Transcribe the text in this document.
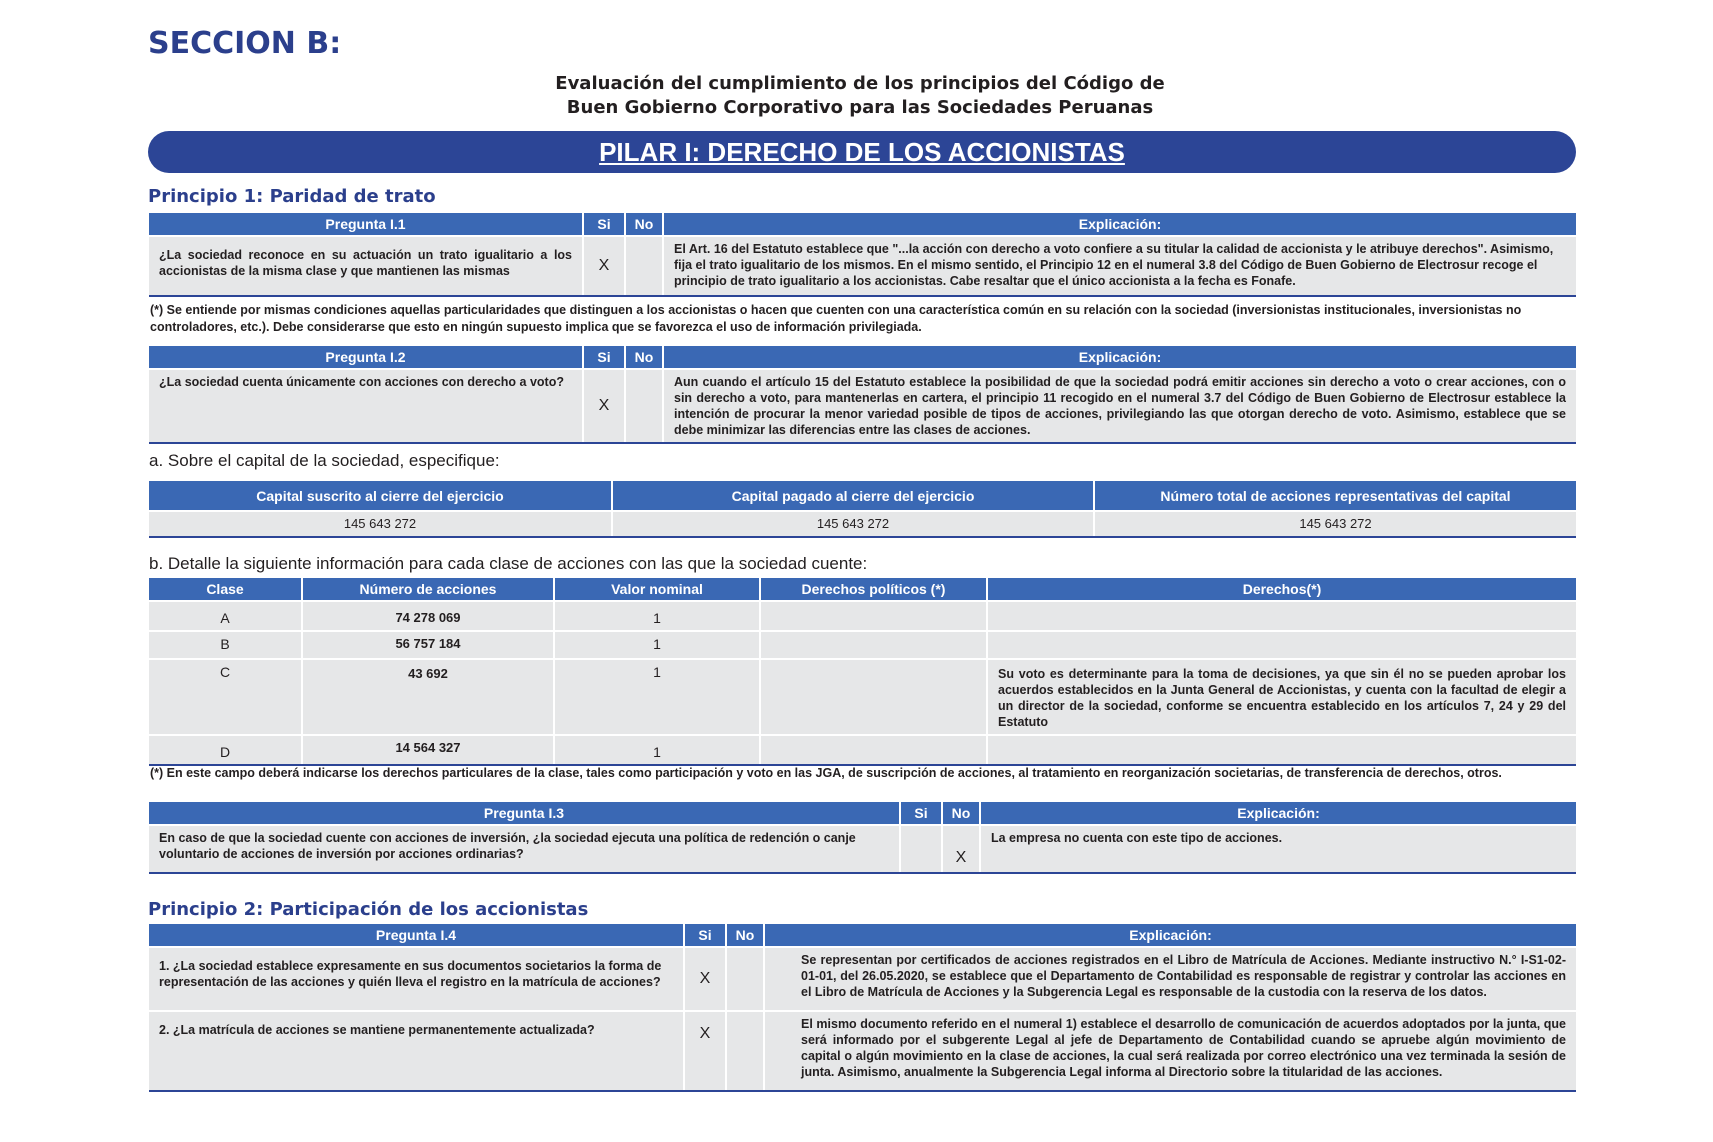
SECCION B:
Evaluación del cumplimiento de los principios del Código de
Buen Gobierno Corporativo para las Sociedades Peruanas
PILAR I: DERECHO DE LOS ACCIONISTAS
Principio 1: Paridad de trato
Pregunta I.1	Si	No	Explicación:
¿La sociedad reconoce en su actuación un trato igualitario a los accionistas de la misma clase y que mantienen las mismas	X		El Art. 16 del Estatuto establece que "...la acción con derecho a voto confiere a su titular la calidad de accionista y le atribuye derechos". Asimismo, fija el trato igualitario de los mismos. En el mismo sentido, el Principio 12 en el numeral 3.8 del Código de Buen Gobierno de Electrosur recoge el principio de trato igualitario a los accionistas. Cabe resaltar que el único accionista a la fecha es Fonafe.
(*) Se entiende por mismas condiciones aquellas particularidades que distinguen a los accionistas o hacen que cuenten con una característica común en su relación con la sociedad (inversionistas institucionales, inversionistas no controladores, etc.). Debe considerarse que esto en ningún supuesto implica que se favorezca el uso de información privilegiada.
Pregunta I.2	Si	No	Explicación:
¿La sociedad cuenta únicamente con acciones con derecho a voto?	X		Aun cuando el artículo 15 del Estatuto establece la posibilidad de que la sociedad podrá emitir acciones sin derecho a voto o crear acciones, con o sin derecho a voto, para mantenerlas en cartera, el principio 11 recogido en el numeral 3.7 del Código de Buen Gobierno de Electrosur establece la intención de procurar la menor variedad posible de tipos de acciones, privilegiando las que otorgan derecho de voto. Asimismo, establece que se debe minimizar las diferencias entre las clases de acciones.
a. Sobre el capital de la sociedad, especifique:
Capital suscrito al cierre del ejercicio	Capital pagado al cierre del ejercicio	Número total de acciones representativas del capital
145 643 272	145 643 272	145 643 272
b. Detalle la siguiente información para cada clase de acciones con las que la sociedad cuente:
Clase	Número de acciones	Valor nominal	Derechos políticos (*)	Derechos(*)
A	74 278 069	1		
B	56 757 184	1		
C	43 692	1		Su voto es determinante para la toma de decisiones, ya que sin él no se pueden aprobar los acuerdos establecidos en la Junta General de Accionistas, y cuenta con la facultad de elegir a un director de la sociedad, conforme se encuentra establecido en los artículos 7, 24 y 29 del Estatuto
D	14 564 327	1		
(*) En este campo deberá indicarse los derechos particulares de la clase, tales como participación y voto en las JGA, de suscripción de acciones, al tratamiento en reorganización societarias, de transferencia de derechos, otros.
Pregunta I.3	Si	No	Explicación:
En caso de que la sociedad cuente con acciones de inversión, ¿la sociedad ejecuta una política de redención o canje voluntario de acciones de inversión por acciones ordinarias?		X	La empresa no cuenta con este tipo de acciones.
Principio 2: Participación de los accionistas
Pregunta I.4	Si	No	Explicación:
1. ¿La sociedad establece expresamente en sus documentos societarios la forma de representación de las acciones y quién lleva el registro en la matrícula de acciones?	X		Se representan por certificados de acciones registrados en el Libro de Matrícula de Acciones. Mediante instructivo N.° I-S1-02-01-01, del 26.05.2020, se establece que el Departamento de Contabilidad es responsable de registrar y controlar las acciones en el Libro de Matrícula de Acciones y la Subgerencia Legal es responsable de la custodia con la reserva de los datos.
2. ¿La matrícula de acciones se mantiene permanentemente actualizada?	X		El mismo documento referido en el numeral 1) establece el desarrollo de comunicación de acuerdos adoptados por la junta, que será informado por el subgerente Legal al jefe de Departamento de Contabilidad cuando se apruebe algún movimiento de capital o algún movimiento en la clase de acciones, la cual será realizada por correo electrónico una vez terminada la sesión de junta. Asimismo, anualmente la Subgerencia Legal informa al Directorio sobre la titularidad de las acciones.
